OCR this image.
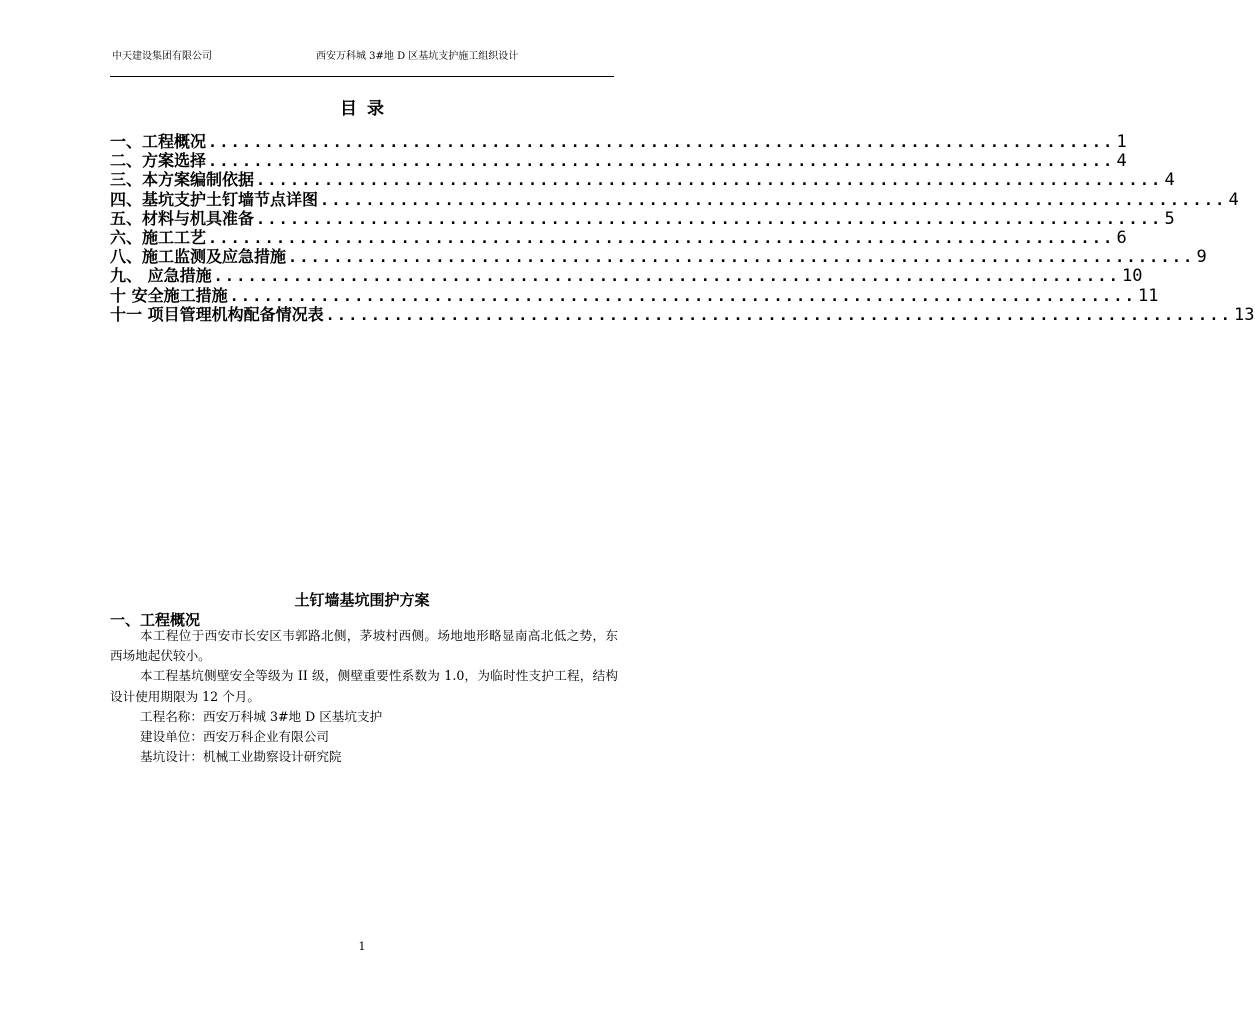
中天建设集团有限公司	西安万科城 3#地 D 区基坑支护施工组织设计
目录
一、工程概况 ................................................................................ 1
二、方案选择 ................................................................................ 4
三、本方案编制依据 ................................................................................ 4
四、基坑支护土钉墙节点详图 ................................................................................ 4
五、材料与机具准备 ................................................................................ 5
六、施工工艺 ................................................................................ 6
八、施工监测及应急措施 ................................................................................ 9
九、 应急措施 ................................................................................ 10
十 安全施工措施 ................................................................................ 11
十一 项目管理机构配备情况表 ................................................................................ 13
土钉墙基坑围护方案
一、工程概况

本工程位于西安市长安区韦郭路北侧，茅坡村西侧。场地地形略显南高北低之势，东西场地起伏较小。

本工程基坑侧壁安全等级为 II 级，侧壁重要性系数为 1.0，为临时性支护工程，结构设计使用期限为 12 个月。

工程名称：西安万科城 3#地 D 区基坑支护

建设单位：西安万科企业有限公司

基坑设计：机械工业勘察设计研究院

1
